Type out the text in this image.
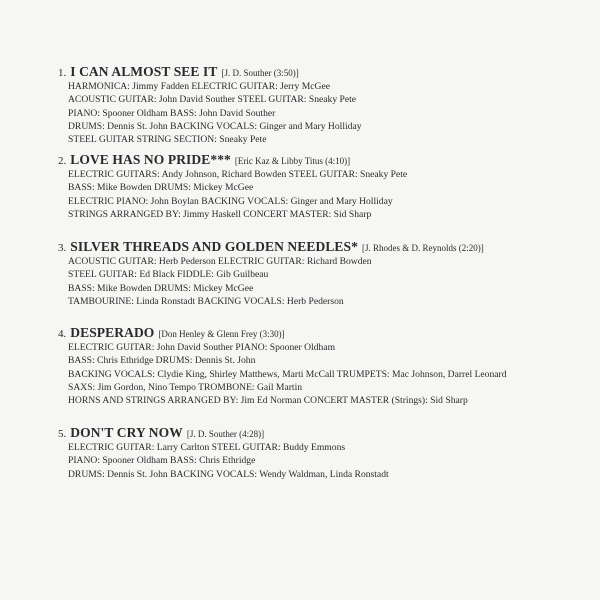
1. I CAN ALMOST SEE IT [J. D. Souther (3:50)]
HARMONICA: Jimmy Fadden ELECTRIC GUITAR: Jerry McGee
ACOUSTIC GUITAR: John David Souther STEEL GUITAR: Sneaky Pete
PIANO: Spooner Oldham BASS: John David Souther
DRUMS: Dennis St. John BACKING VOCALS: Ginger and Mary Holliday
STEEL GUITAR STRING SECTION: Sneaky Pete
2. LOVE HAS NO PRIDE*** [Eric Kaz & Libby Titus (4:10)]
ELECTRIC GUITARS: Andy Johnson, Richard Bowden STEEL GUITAR: Sneaky Pete
BASS: Mike Bowden DRUMS: Mickey McGee
ELECTRIC PIANO: John Boylan BACKING VOCALS: Ginger and Mary Holliday
STRINGS ARRANGED BY: Jimmy Haskell CONCERT MASTER: Sid Sharp
3. SILVER THREADS AND GOLDEN NEEDLES* [J. Rhodes & D. Reynolds (2:20)]
ACOUSTIC GUITAR: Herb Pederson ELECTRIC GUITAR: Richard Bowden
STEEL GUITAR: Ed Black FIDDLE: Gib Guilbeau
BASS: Mike Bowden DRUMS: Mickey McGee
TAMBOURINE: Linda Ronstadt BACKING VOCALS: Herb Pederson
4. DESPERADO [Don Henley & Glenn Frey (3:30)]
ELECTRIC GUITAR: John David Souther PIANO: Spooner Oldham
BASS: Chris Ethridge DRUMS: Dennis St. John
BACKING VOCALS: Clydie King, Shirley Matthews, Marti McCall TRUMPETS: Mac Johnson, Darrel Leonard
SAXS: Jim Gordon, Nino Tempo TROMBONE: Gail Martin
HORNS AND STRINGS ARRANGED BY: Jim Ed Norman CONCERT MASTER (Strings): Sid Sharp
5. DON'T CRY NOW [J. D. Souther (4:28)]
ELECTRIC GUITAR: Larry Carlton STEEL GUITAR: Buddy Emmons
PIANO: Spooner Oldham BASS: Chris Ethridge
DRUMS: Dennis St. John BACKING VOCALS: Wendy Waldman, Linda Ronstadt
